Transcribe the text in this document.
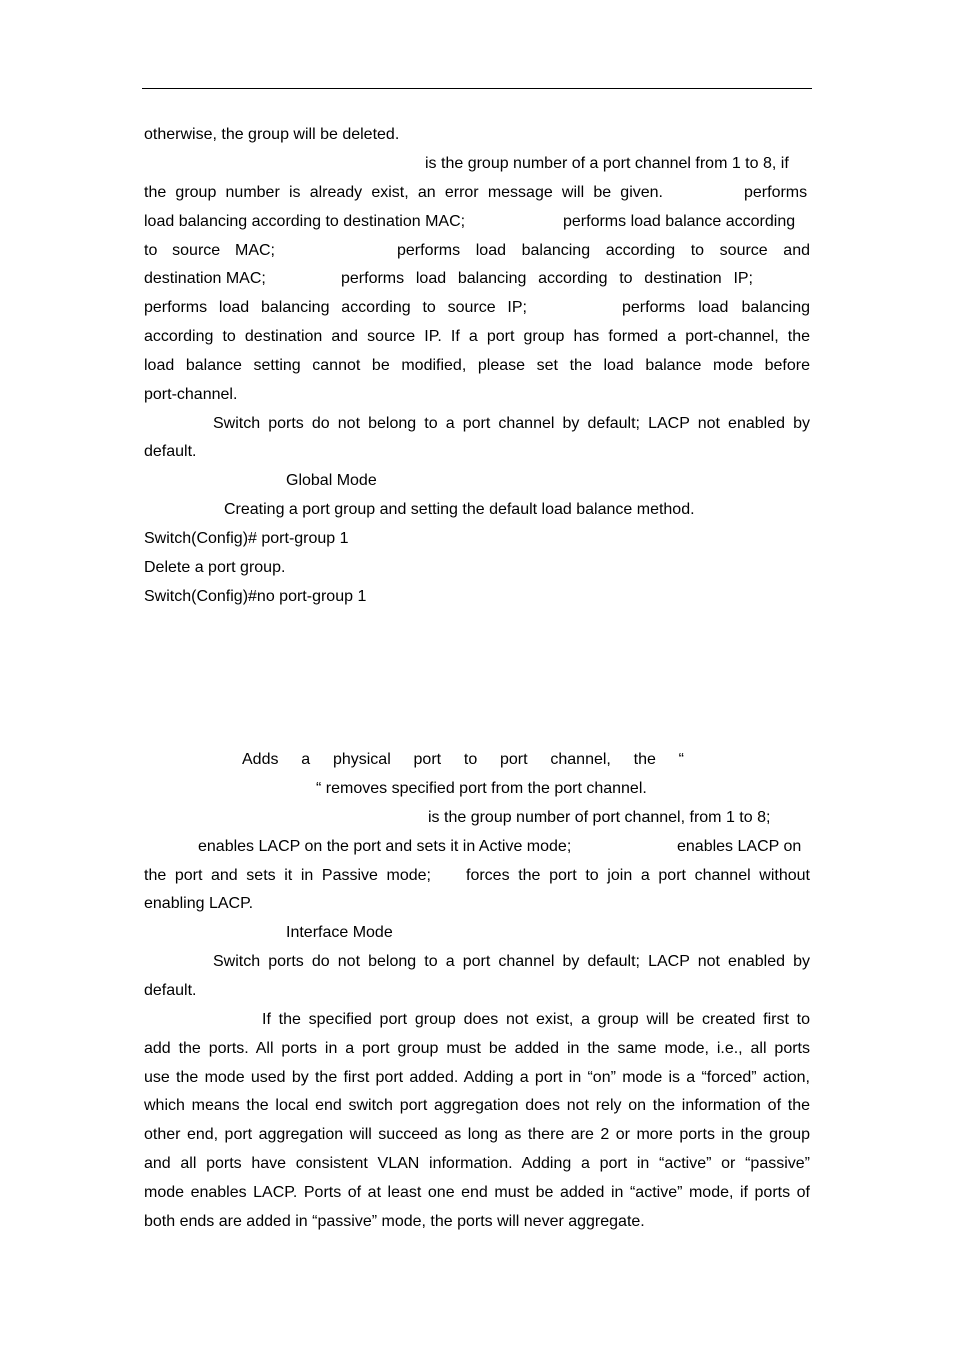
otherwise, the group will be deleted.
is the group number of a port channel from 1 to 8, if
the group number is already exist, an error message will be given.	performs
load balancing according to destination MAC;	performs load balance according
to source MAC;	performs load balancing according to source and
destination MAC;	performs load balancing according to destination IP;
performs load balancing according to source IP;	performs load balancing
according to destination and source IP. If a port group has formed a port-channel, the
load balance setting cannot be modified, please set the load balance mode before
port-channel.
Switch ports do not belong to a port channel by default; LACP not enabled by
default.
Global Mode
Creating a port group and setting the default load balance method.
Switch(Config)# port-group 1
Delete a port group.
Switch(Config)#no port-group 1
Adds a physical port to port channel, the “
“ removes specified port from the port channel.
is the group number of port channel, from 1 to 8;
enables LACP on the port and sets it in Active mode;	enables LACP on
the port and sets it in Passive mode; forces the port to join a port channel without
enabling LACP.
Interface Mode
Switch ports do not belong to a port channel by default; LACP not enabled by
default.
If the specified port group does not exist, a group will be created first to
add the ports. All ports in a port group must be added in the same mode, i.e., all ports
use the mode used by the first port added. Adding a port in “on” mode is a “forced” action,
which means the local end switch port aggregation does not rely on the information of the
other end, port aggregation will succeed as long as there are 2 or more ports in the group
and all ports have consistent VLAN information. Adding a port in “active” or “passive”
mode enables LACP. Ports of at least one end must be added in “active” mode, if ports of
both ends are added in “passive” mode, the ports will never aggregate.
